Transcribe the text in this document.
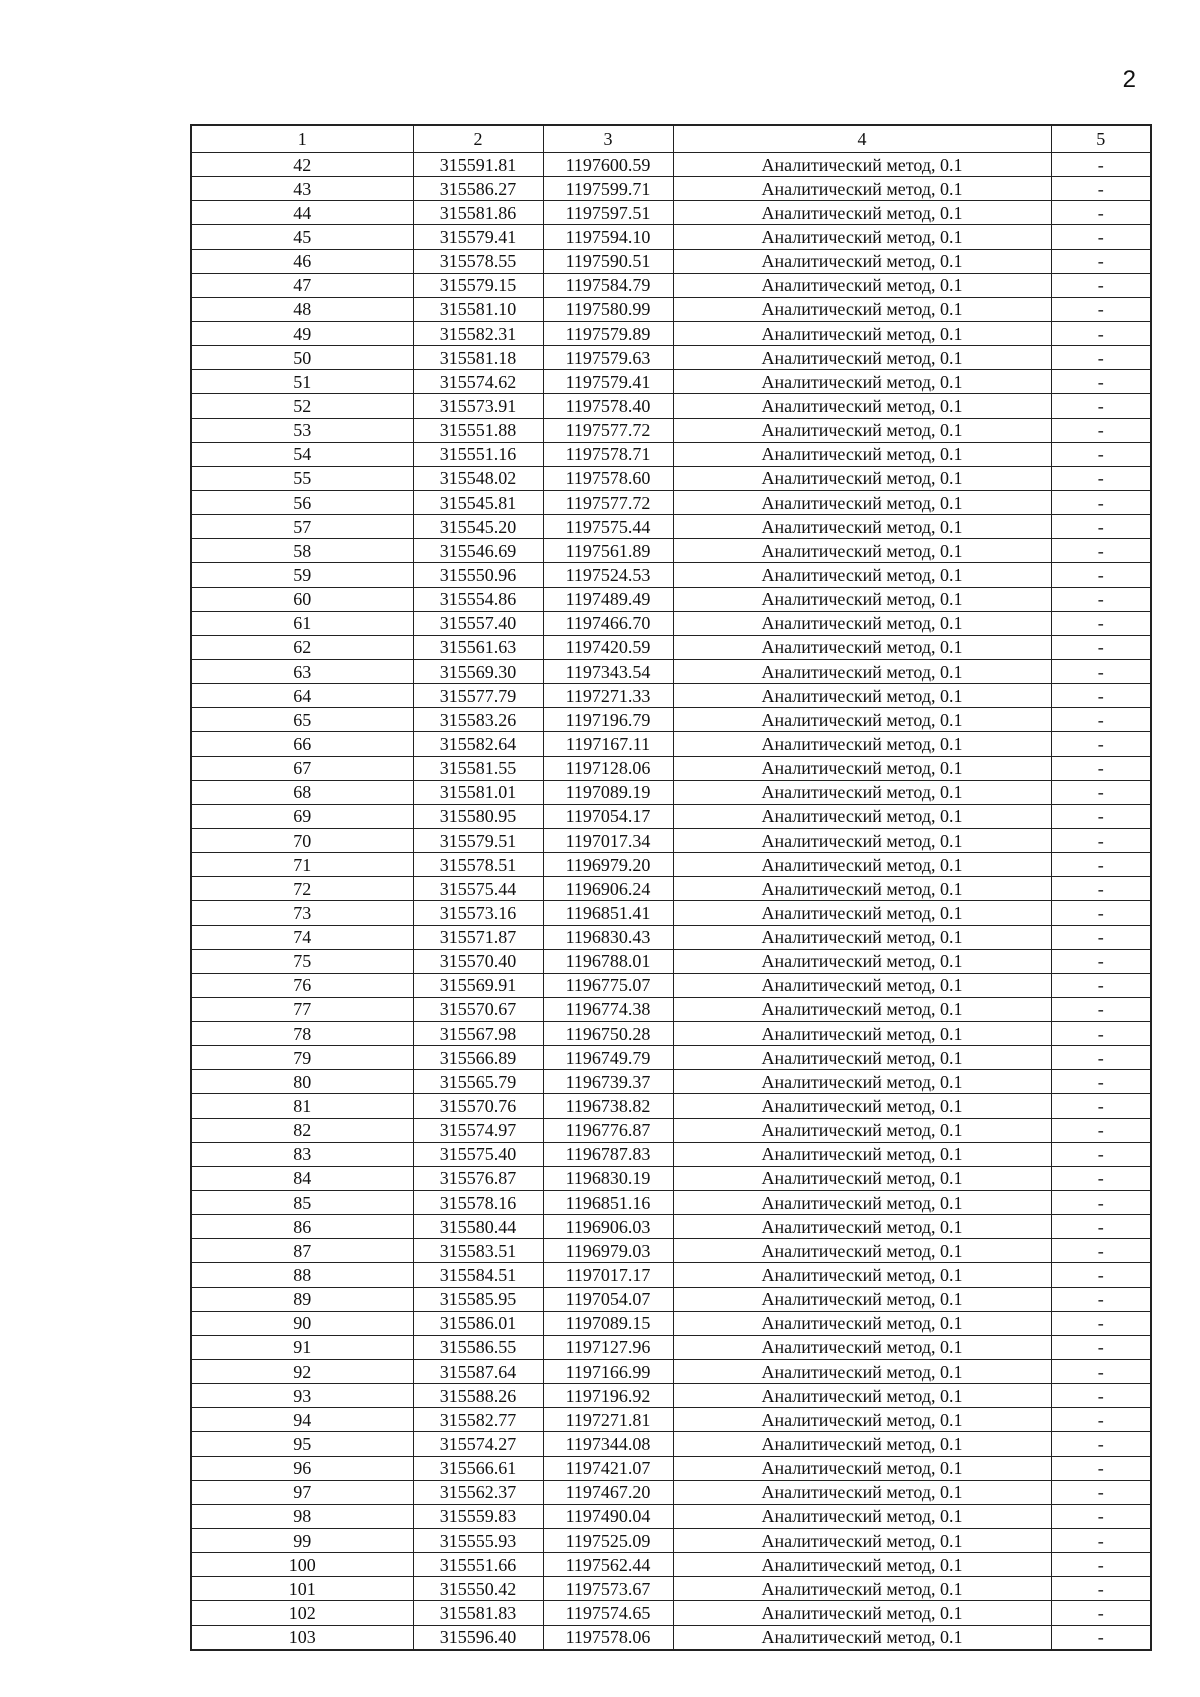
2
1	2	3	4	5
42	315591.81	1197600.59	Аналитический метод, 0.1	-
43	315586.27	1197599.71	Аналитический метод, 0.1	-
44	315581.86	1197597.51	Аналитический метод, 0.1	-
45	315579.41	1197594.10	Аналитический метод, 0.1	-
46	315578.55	1197590.51	Аналитический метод, 0.1	-
47	315579.15	1197584.79	Аналитический метод, 0.1	-
48	315581.10	1197580.99	Аналитический метод, 0.1	-
49	315582.31	1197579.89	Аналитический метод, 0.1	-
50	315581.18	1197579.63	Аналитический метод, 0.1	-
51	315574.62	1197579.41	Аналитический метод, 0.1	-
52	315573.91	1197578.40	Аналитический метод, 0.1	-
53	315551.88	1197577.72	Аналитический метод, 0.1	-
54	315551.16	1197578.71	Аналитический метод, 0.1	-
55	315548.02	1197578.60	Аналитический метод, 0.1	-
56	315545.81	1197577.72	Аналитический метод, 0.1	-
57	315545.20	1197575.44	Аналитический метод, 0.1	-
58	315546.69	1197561.89	Аналитический метод, 0.1	-
59	315550.96	1197524.53	Аналитический метод, 0.1	-
60	315554.86	1197489.49	Аналитический метод, 0.1	-
61	315557.40	1197466.70	Аналитический метод, 0.1	-
62	315561.63	1197420.59	Аналитический метод, 0.1	-
63	315569.30	1197343.54	Аналитический метод, 0.1	-
64	315577.79	1197271.33	Аналитический метод, 0.1	-
65	315583.26	1197196.79	Аналитический метод, 0.1	-
66	315582.64	1197167.11	Аналитический метод, 0.1	-
67	315581.55	1197128.06	Аналитический метод, 0.1	-
68	315581.01	1197089.19	Аналитический метод, 0.1	-
69	315580.95	1197054.17	Аналитический метод, 0.1	-
70	315579.51	1197017.34	Аналитический метод, 0.1	-
71	315578.51	1196979.20	Аналитический метод, 0.1	-
72	315575.44	1196906.24	Аналитический метод, 0.1	-
73	315573.16	1196851.41	Аналитический метод, 0.1	-
74	315571.87	1196830.43	Аналитический метод, 0.1	-
75	315570.40	1196788.01	Аналитический метод, 0.1	-
76	315569.91	1196775.07	Аналитический метод, 0.1	-
77	315570.67	1196774.38	Аналитический метод, 0.1	-
78	315567.98	1196750.28	Аналитический метод, 0.1	-
79	315566.89	1196749.79	Аналитический метод, 0.1	-
80	315565.79	1196739.37	Аналитический метод, 0.1	-
81	315570.76	1196738.82	Аналитический метод, 0.1	-
82	315574.97	1196776.87	Аналитический метод, 0.1	-
83	315575.40	1196787.83	Аналитический метод, 0.1	-
84	315576.87	1196830.19	Аналитический метод, 0.1	-
85	315578.16	1196851.16	Аналитический метод, 0.1	-
86	315580.44	1196906.03	Аналитический метод, 0.1	-
87	315583.51	1196979.03	Аналитический метод, 0.1	-
88	315584.51	1197017.17	Аналитический метод, 0.1	-
89	315585.95	1197054.07	Аналитический метод, 0.1	-
90	315586.01	1197089.15	Аналитический метод, 0.1	-
91	315586.55	1197127.96	Аналитический метод, 0.1	-
92	315587.64	1197166.99	Аналитический метод, 0.1	-
93	315588.26	1197196.92	Аналитический метод, 0.1	-
94	315582.77	1197271.81	Аналитический метод, 0.1	-
95	315574.27	1197344.08	Аналитический метод, 0.1	-
96	315566.61	1197421.07	Аналитический метод, 0.1	-
97	315562.37	1197467.20	Аналитический метод, 0.1	-
98	315559.83	1197490.04	Аналитический метод, 0.1	-
99	315555.93	1197525.09	Аналитический метод, 0.1	-
100	315551.66	1197562.44	Аналитический метод, 0.1	-
101	315550.42	1197573.67	Аналитический метод, 0.1	-
102	315581.83	1197574.65	Аналитический метод, 0.1	-
103	315596.40	1197578.06	Аналитический метод, 0.1	-
